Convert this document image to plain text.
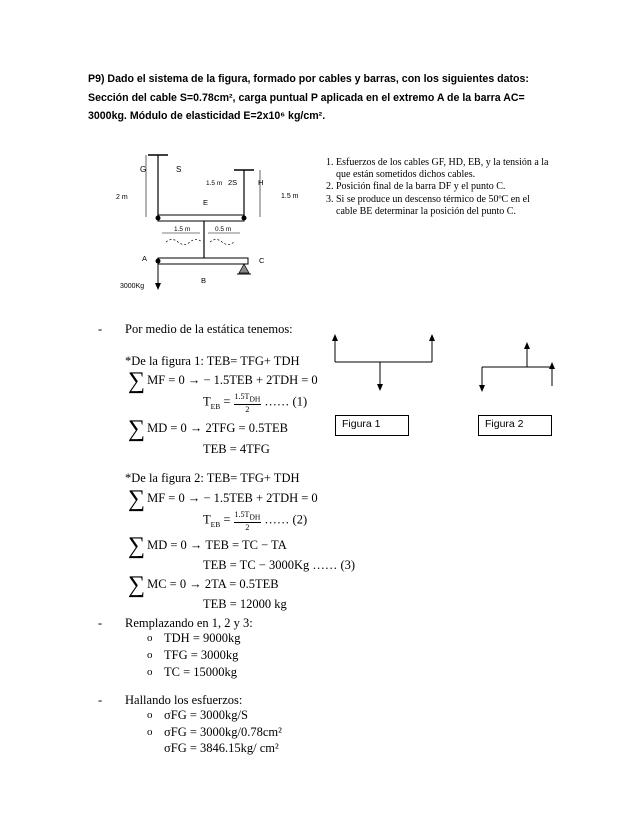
P9) Dado el sistema de la figura, formado por cables y barras, con los siguientes datos: Sección del cable S=0.78cm², carga puntual P aplicada en el extremo A de la barra AC= 3000kg. Módulo de elasticidad E=2x10⁶ kg/cm².
G	S
1.5 m 2S	H
2 m	1.5 m
E
1.5 m	0.5 m
A	C
B
3000Kg
1. Esfuerzos de los cables GF, HD, EB, y la tensión a la que están sometidos dichos cables.
2. Posición final de la barra DF y el punto C.
3. Si se produce un descenso térmico de 50ºC en el cable BE determinar la posición del punto C.
Figura 1	Figura 2
- Por medio de la estática tenemos:
*De la figura 1: TEB= TFG+ TDH
∑ MF = 0 → − 1.5TEB + 2TDH = 0
$T_{EB} = \frac{1.5T_{DH}}{2}$ …… (1)
∑ MD = 0 → 2TFG = 0.5TEB
TEB = 4TFG
*De la figura 2: TEB= TFG+ TDH
∑ MF = 0 → − 1.5TEB + 2TDH = 0
$T_{EB} = \frac{1.5T_{DH}}{2}$ …… (2)
∑ MD = 0 → TEB = TC − TA
TEB = TC − 3000Kg …… (3)
∑ MC = 0 → 2TA = 0.5TEB
TEB = 12000 kg
- Remplazando en 1, 2 y 3:
o TDH = 9000kg
o TFG = 3000kg
o TC = 15000kg
- Hallando los esfuerzos:
o σFG = 3000kg/S
o σFG = 3000kg/0.78cm²
σFG = 3846.15kg/ cm²
